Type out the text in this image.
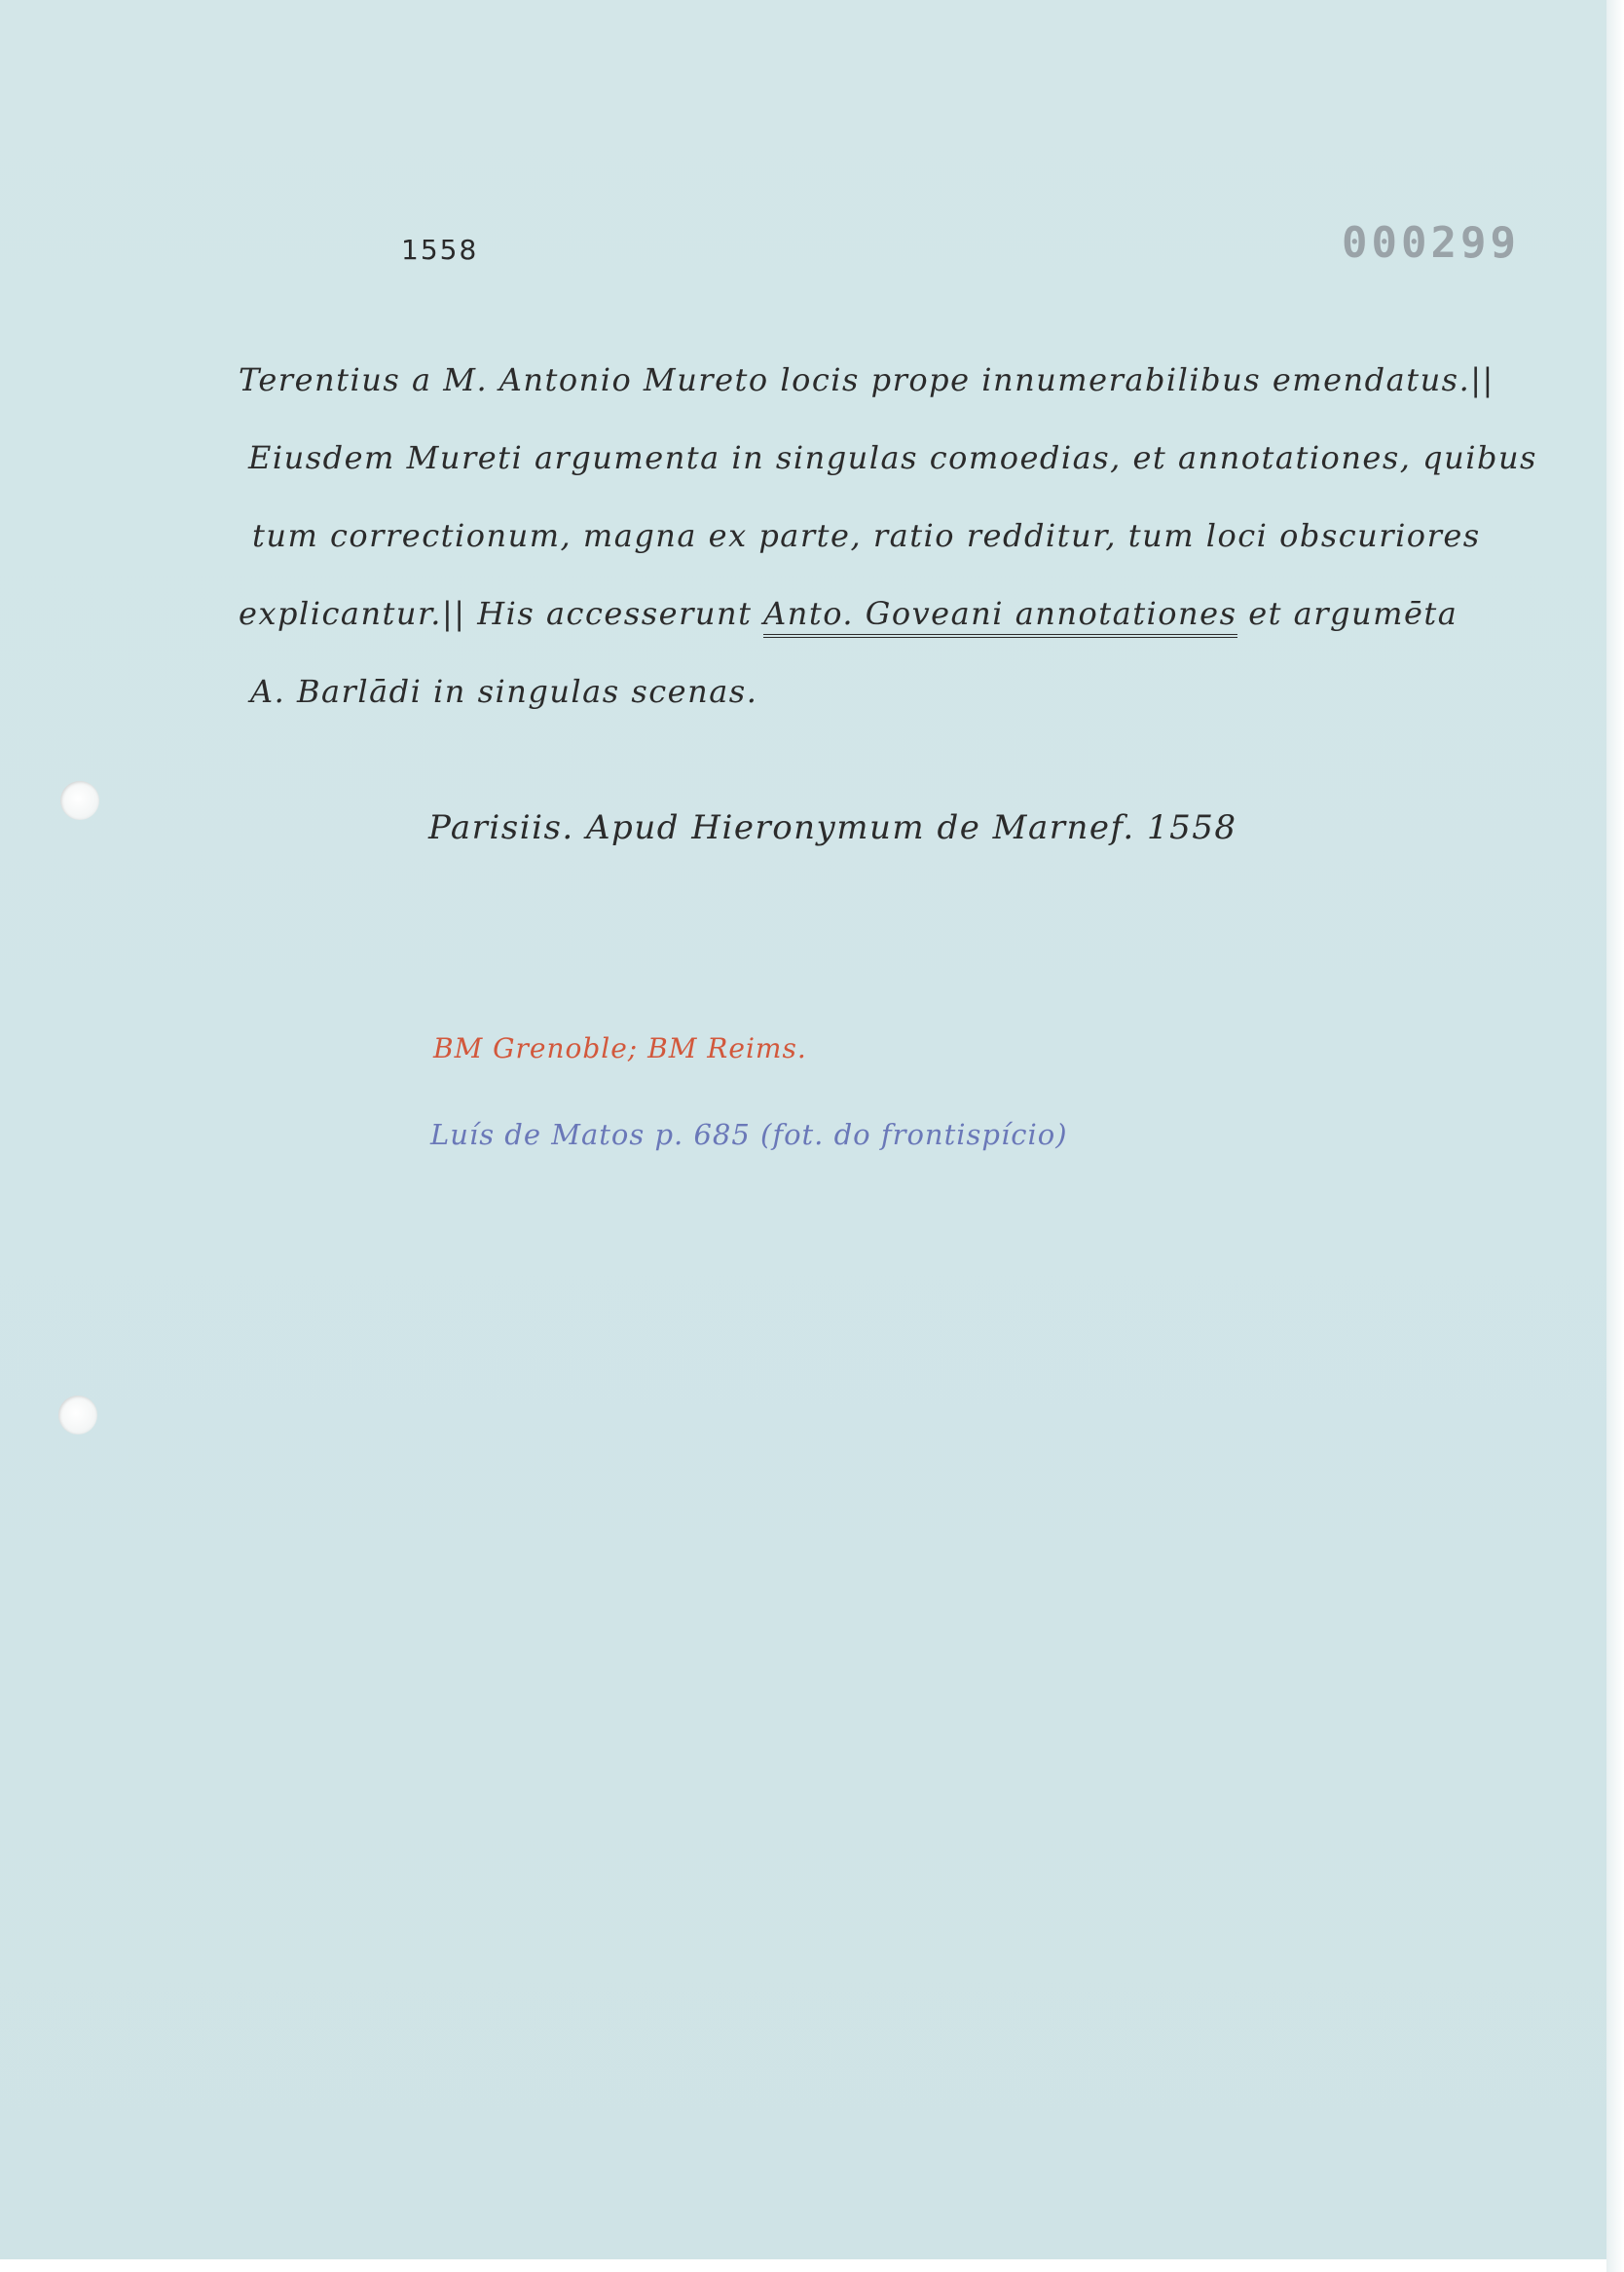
1558	000299
Terentius a M. Antonio Mureto locis prope innumerabilibus emendatus.||
Eiusdem Mureti argumenta in singulas comoedias, et annotationes, quibus
tum correctionum, magna ex parte, ratio redditur, tum loci obscuriores
explicantur.|| His accesserunt Anto. Goveani annotationes et argumēta
A. Barlādi in singulas scenas.
Parisiis. Apud Hieronymum de Marnef. 1558
BM Grenoble; BM Reims.
Luís de Matos p. 685 (fot. do frontispício)
